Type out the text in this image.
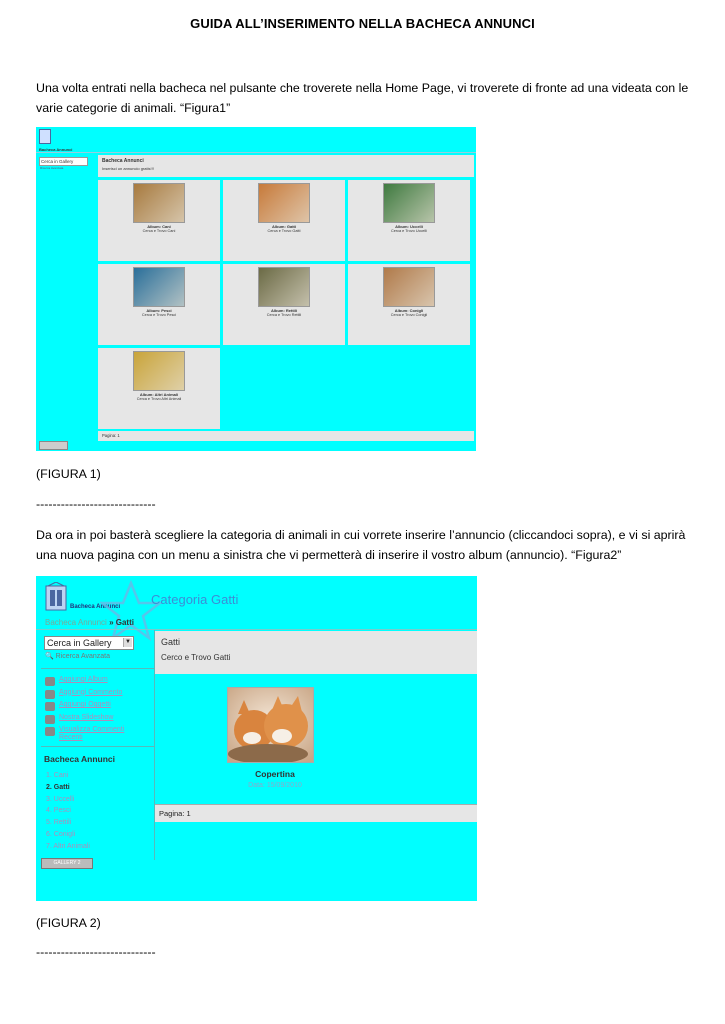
GUIDA ALL’INSERIMENTO NELLA BACHECA ANNUNCI
Una volta entrati nella bacheca nel pulsante che troverete nella Home Page, vi troverete di fronte ad una videata con le varie categorie di animali. “Figura1”
Bacheca Annunci
Cerca in Gallery
Ricerca Avanzata
Bacheca Annunci
Inserisci un annuncio gratis!!!
Album: Cani
Cerca e Trovo Cani
Album: Gatti
Cerca e Trovo Gatti
Album: Uccelli
Cerca e Trovo Uccelli
Album: Pesci
Cerca e Trovo Pesci
Album: Rettili
Cerca e Trovo Rettili
Album: Conigli
Cerca e Trovo Conigli
Album: Altri Animali
Cerca e Trovo Altri Animali
Pagina: 1
(FIGURA 1)
-----------------------------
Da ora in poi basterà scegliere la categoria di animali in cui vorrete inserire l’annuncio (cliccandoci sopra), e vi si aprirà una nuova pagina con un menu a sinistra che vi permetterà di inserire il vostro album (annuncio). “Figura2”
Bacheca Annunci Categoria Gatti
Bacheca Annunci » Gatti
Cerca in Gallery	▼
🔍 Ricerca Avanzata
Aggiungi Album
Aggiungi Commento
Aggiungi Oggetti
Nostra Slideshow
Visualizza Commenti
Recenti
Bacheca Annunci
1. Cani
2. Gatti
3. Uccelli
4. Pesci
5. Rettili
6. Conigli
7. Altri Animali
GALLERY 2
Gatti
Cerco e Trovo Gatti
Copertina
Data: 15/09/2010
Pagina: 1
(FIGURA 2)
-----------------------------
